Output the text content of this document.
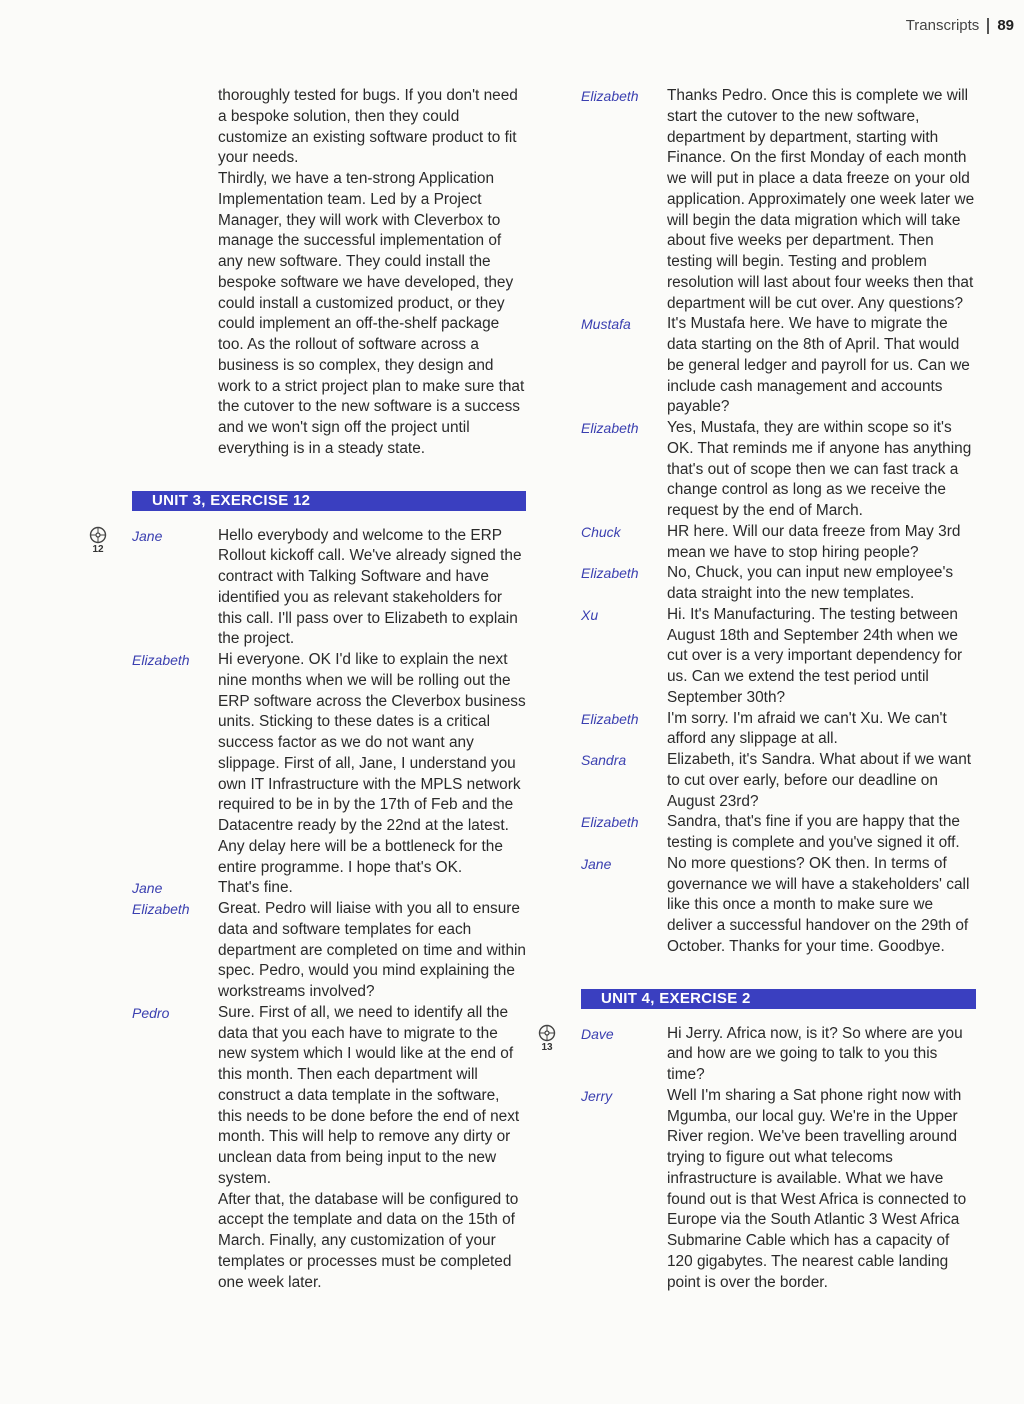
Transcripts 89

thoroughly tested for bugs. If you don't need a bespoke solution, then they could customize an existing software product to fit your needs.

Thirdly, we have a ten-strong Application Implementation team. Led by a Project Manager, they will work with Cleverbox to manage the successful implementation of any new software. They could install the bespoke software we have developed, they could install a customized product, or they could implement an off-the-shelf package too. As the rollout of software across a business is so complex, they design and work to a strict project plan to make sure that the cutover to the new software is a success and we won't sign off the project until everything is in a steady state.

UNIT 3, EXERCISE 12
12
Jane	Hello everybody and welcome to the ERP Rollout kickoff call. We've already signed the contract with Talking Software and have identified you as relevant stakeholders for this call. I'll pass over to Elizabeth to explain the project.

Elizabeth	Hi everyone. OK I'd like to explain the next nine months when we will be rolling out the ERP software across the Cleverbox business units. Sticking to these dates is a critical success factor as we do not want any slippage. First of all, Jane, I understand you own IT Infrastructure with the MPLS network required to be in by the 17th of Feb and the Datacentre ready by the 22nd at the latest. Any delay here will be a bottleneck for the entire programme. I hope that's OK.

Jane	That's fine.

Elizabeth	Great. Pedro will liaise with you all to ensure data and software templates for each department are completed on time and within spec. Pedro, would you mind explaining the workstreams involved?

Pedro	Sure. First of all, we need to identify all the data that you each have to migrate to the new system which I would like at the end of this month. Then each department will construct a data template in the software, this needs to be done before the end of next month. This will help to remove any dirty or unclean data from being input to the new system.

After that, the database will be configured to accept the template and data on the 15th of March. Finally, any customization of your templates or processes must be completed one week later.

Elizabeth	Thanks Pedro. Once this is complete we will start the cutover to the new software, department by department, starting with Finance. On the first Monday of each month we will put in place a data freeze on your old application. Approximately one week later we will begin the data migration which will take about five weeks per department. Then testing will begin. Testing and problem resolution will last about four weeks then that department will be cut over. Any questions?

Mustafa	It's Mustafa here. We have to migrate the data starting on the 8th of April. That would be general ledger and payroll for us. Can we include cash management and accounts payable?

Elizabeth	Yes, Mustafa, they are within scope so it's OK. That reminds me if anyone has anything that's out of scope then we can fast track a change control as long as we receive the request by the end of March.

Chuck	HR here. Will our data freeze from May 3rd mean we have to stop hiring people?

Elizabeth	No, Chuck, you can input new employee's data straight into the new templates.

Xu	Hi. It's Manufacturing. The testing between August 18th and September 24th when we cut over is a very important dependency for us. Can we extend the test period until September 30th?

Elizabeth	I'm sorry. I'm afraid we can't Xu. We can't afford any slippage at all.

Sandra	Elizabeth, it's Sandra. What about if we want to cut over early, before our deadline on August 23rd?

Elizabeth	Sandra, that's fine if you are happy that the testing is complete and you've signed it off.

Jane	No more questions? OK then. In terms of governance we will have a stakeholders' call like this once a month to make sure we deliver a successful handover on the 29th of October. Thanks for your time. Goodbye.

UNIT 4, EXERCISE 2
13
Dave	Hi Jerry. Africa now, is it? So where are you and how are we going to talk to you this time?

Jerry	Well I'm sharing a Sat phone right now with Mgumba, our local guy. We're in the Upper River region. We've been travelling around trying to figure out what telecoms infrastructure is available. What we have found out is that West Africa is connected to Europe via the South Atlantic 3 West Africa Submarine Cable which has a capacity of 120 gigabytes. The nearest cable landing point is over the border.
